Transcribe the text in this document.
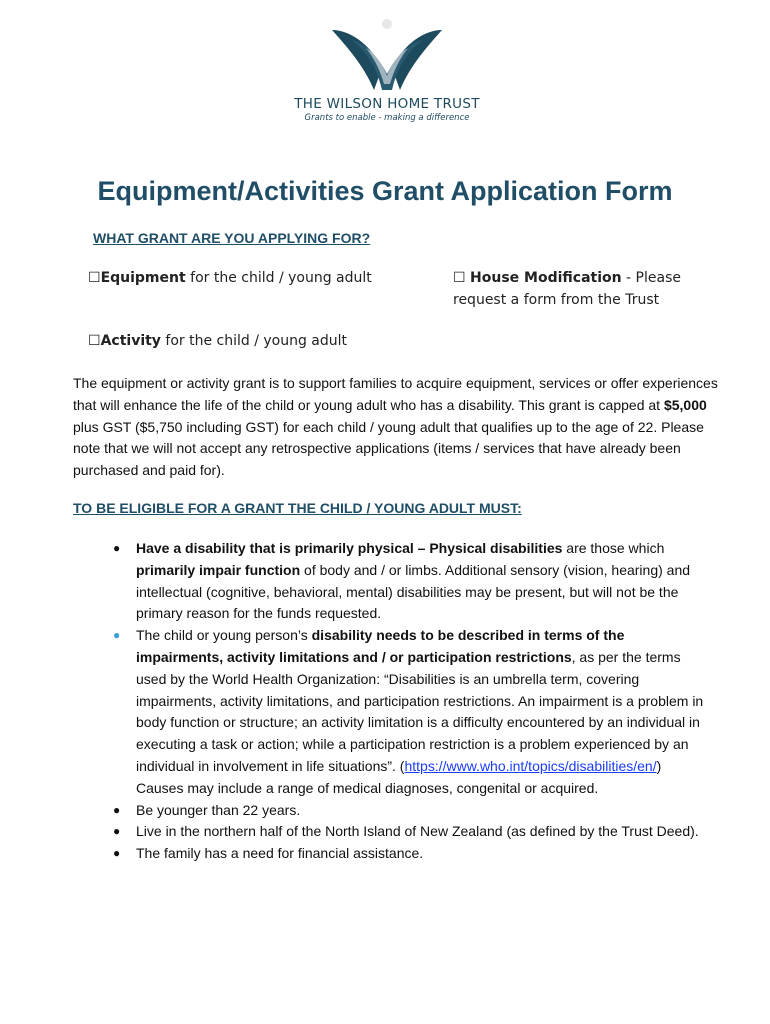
THE WILSON HOME TRUST
Grants to enable - making a difference
Equipment/Activities Grant Application Form
WHAT GRANT ARE YOU APPLYING FOR?
☐Equipment for the child / young adult	☐ House Modification - Please
request a form from the Trust
☐Activity for the child / young adult

The equipment or activity grant is to support families to acquire equipment, services or offer experiences that will enhance the life of the child or young adult who has a disability. This grant is capped at $5,000 plus GST ($5,750 including GST) for each child / young adult that qualifies up to the age of 22. Please note that we will not accept any retrospective applications (items / services that have already been purchased and paid for).

TO BE ELIGIBLE FOR A GRANT THE CHILD / YOUNG ADULT MUST:
● Have a disability that is primarily physical – Physical disabilities are those which primarily impair function of body and / or limbs. Additional sensory (vision, hearing) and intellectual (cognitive, behavioral, mental) disabilities may be present, but will not be the primary reason for the funds requested.
● The child or young person’s disability needs to be described in terms of the impairments, activity limitations and / or participation restrictions, as per the terms used by the World Health Organization: “Disabilities is an umbrella term, covering impairments, activity limitations, and participation restrictions. An impairment is a problem in body function or structure; an activity limitation is a difficulty encountered by an individual in executing a task or action; while a participation restriction is a problem experienced by an individual in involvement in life situations”. (https://www.who.int/topics/disabilities/en/)
Causes may include a range of medical diagnoses, congenital or acquired.
● Be younger than 22 years.
● Live in the northern half of the North Island of New Zealand (as defined by the Trust Deed).
● The family has a need for financial assistance.
